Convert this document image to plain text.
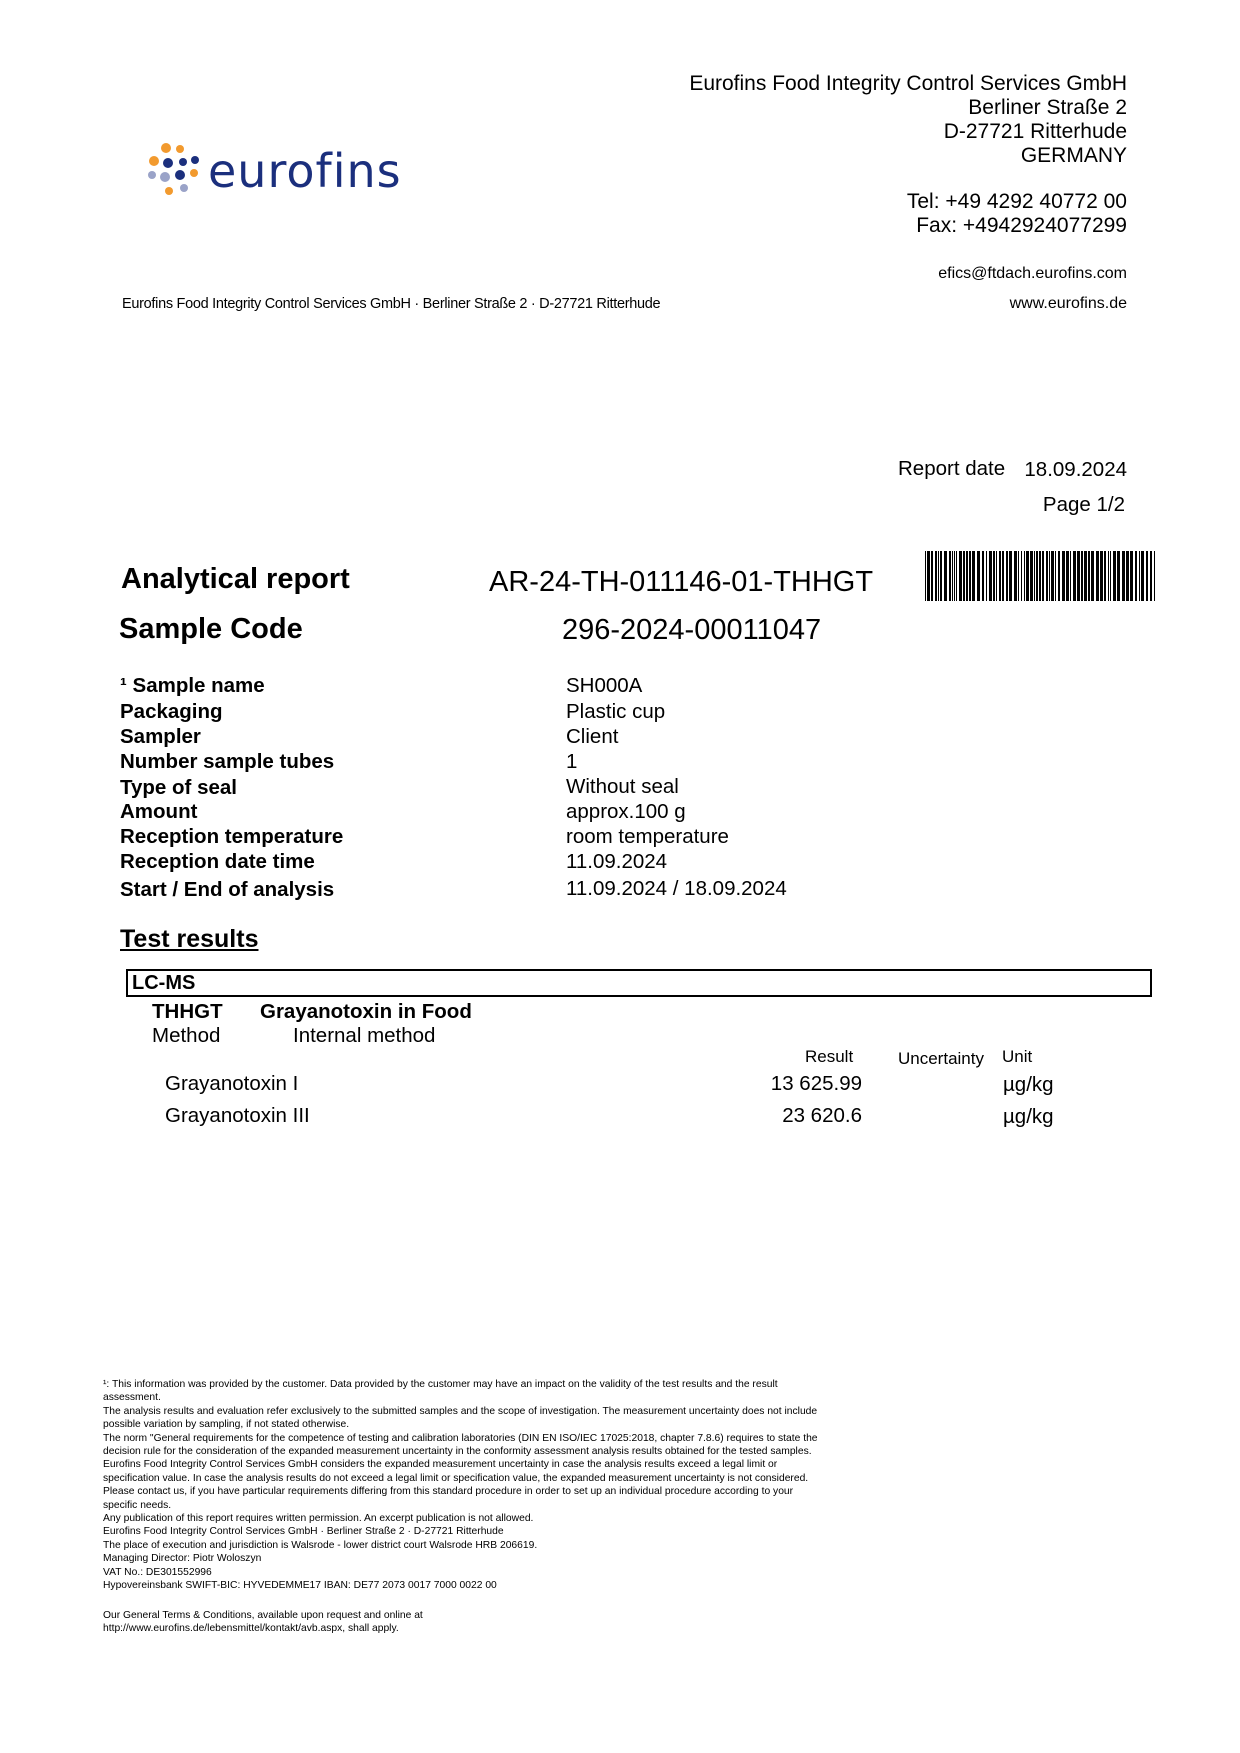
eurofins
Eurofins Food Integrity Control Services GmbH
Berliner Straße 2
D-27721 Ritterhude
GERMANY
Tel: +49 4292 40772 00
Fax: +4942924077299
efics@ftdach.eurofins.com
www.eurofins.de
Eurofins Food Integrity Control Services GmbH · Berliner Straße 2 · D-27721 Ritterhude
Report date 18.09.2024
Page 1/2
Analytical report	AR-24-TH-011146-01-THHGT
Sample Code	296-2024-00011047
¹ Sample name	SH000A
Packaging	Plastic cup
Sampler	Client
Number sample tubes	1
Type of seal	Without seal
Amount	approx.100 g
Reception temperature	room temperature
Reception date time	11.09.2024
Start / End of analysis	11.09.2024 / 18.09.2024
Test results
LC-MS
THHGT Grayanotoxin in Food
Method	Internal method
Result	Uncertainty Unit
Grayanotoxin I	13 625.99	µg/kg
Grayanotoxin III	23 620.6	µg/kg

¹: This information was provided by the customer. Data provided by the customer may have an impact on the validity of the test results and the result assessment.

The analysis results and evaluation refer exclusively to the submitted samples and the scope of investigation. The measurement uncertainty does not include possible variation by sampling, if not stated otherwise.

The norm "General requirements for the competence of testing and calibration laboratories (DIN EN ISO/IEC 17025:2018, chapter 7.8.6) requires to state the decision rule for the consideration of the expanded measurement uncertainty in the conformity assessment analysis results obtained for the tested samples. Eurofins Food Integrity Control Services GmbH considers the expanded measurement uncertainty in case the analysis results exceed a legal limit or specification value. In case the analysis results do not exceed a legal limit or specification value, the expanded measurement uncertainty is not considered. Please contact us, if you have particular requirements differing from this standard procedure in order to set up an individual procedure according to your specific needs.

Any publication of this report requires written permission. An excerpt publication is not allowed.

Eurofins Food Integrity Control Services GmbH · Berliner Straße 2 · D-27721 Ritterhude

The place of execution and jurisdiction is Walsrode - lower district court Walsrode HRB 206619.

Managing Director: Piotr Woloszyn

VAT No.: DE301552996

Hypovereinsbank SWIFT-BIC: HYVEDEMME17 IBAN: DE77 2073 0017 7000 0022 00

Our General Terms & Conditions, available upon request and online at

http://www.eurofins.de/lebensmittel/kontakt/avb.aspx, shall apply.
